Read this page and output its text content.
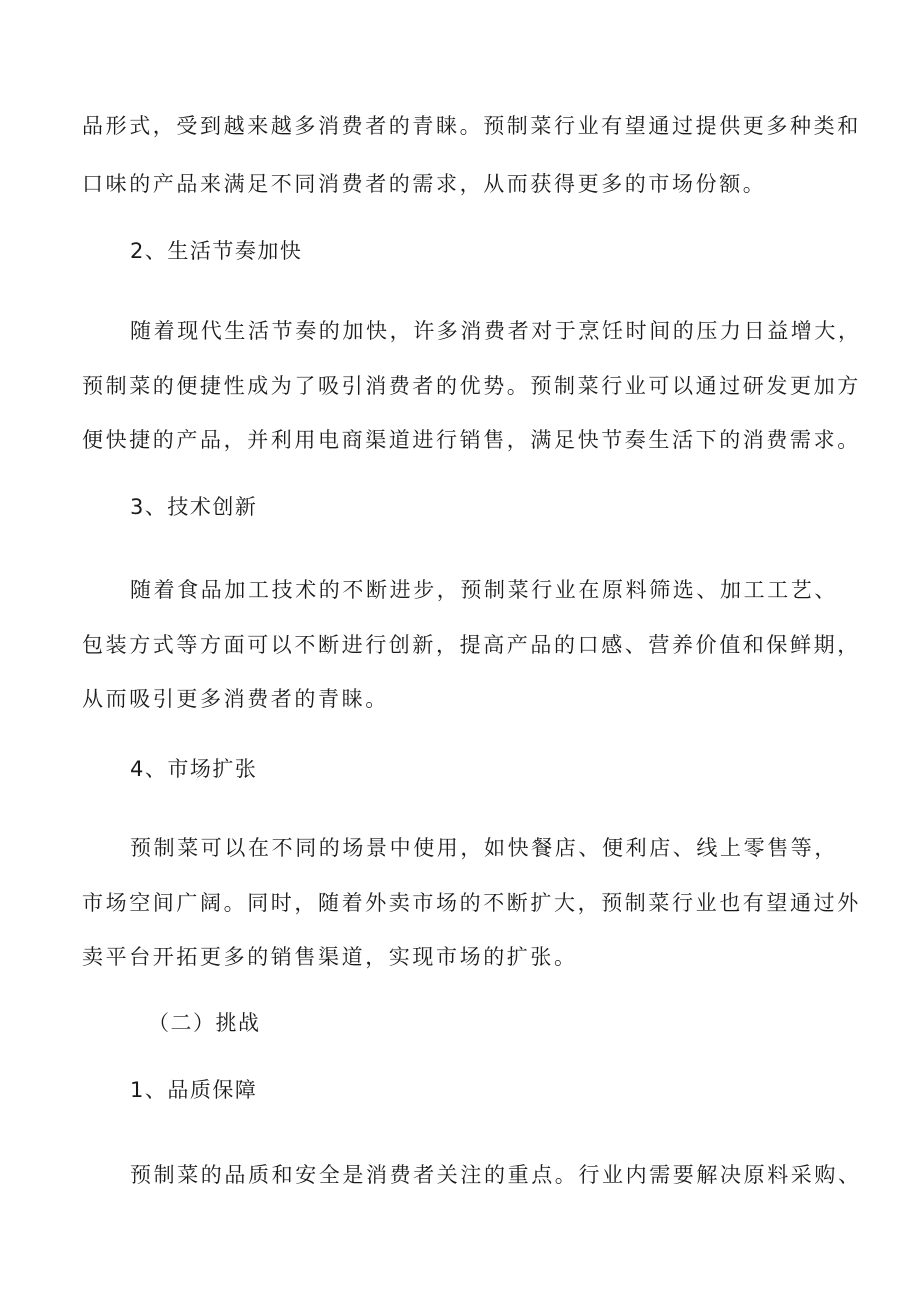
品形式，受到越来越多消费者的青睐。预制菜行业有望通过提供更多种类和
口味的产品来满足不同消费者的需求，从而获得更多的市场份额。
2、生活节奏加快
随着现代生活节奏的加快，许多消费者对于烹饪时间的压力日益增大，
预制菜的便捷性成为了吸引消费者的优势。预制菜行业可以通过研发更加方
便快捷的产品，并利用电商渠道进行销售，满足快节奏生活下的消费需求。
3、技术创新
随着食品加工技术的不断进步，预制菜行业在原料筛选、加工工艺、
包装方式等方面可以不断进行创新，提高产品的口感、营养价值和保鲜期，
从而吸引更多消费者的青睐。
4、市场扩张
预制菜可以在不同的场景中使用，如快餐店、便利店、线上零售等，
市场空间广阔。同时，随着外卖市场的不断扩大，预制菜行业也有望通过外
卖平台开拓更多的销售渠道，实现市场的扩张。
（二）挑战
1、品质保障
预制菜的品质和安全是消费者关注的重点。行业内需要解决原料采购、
